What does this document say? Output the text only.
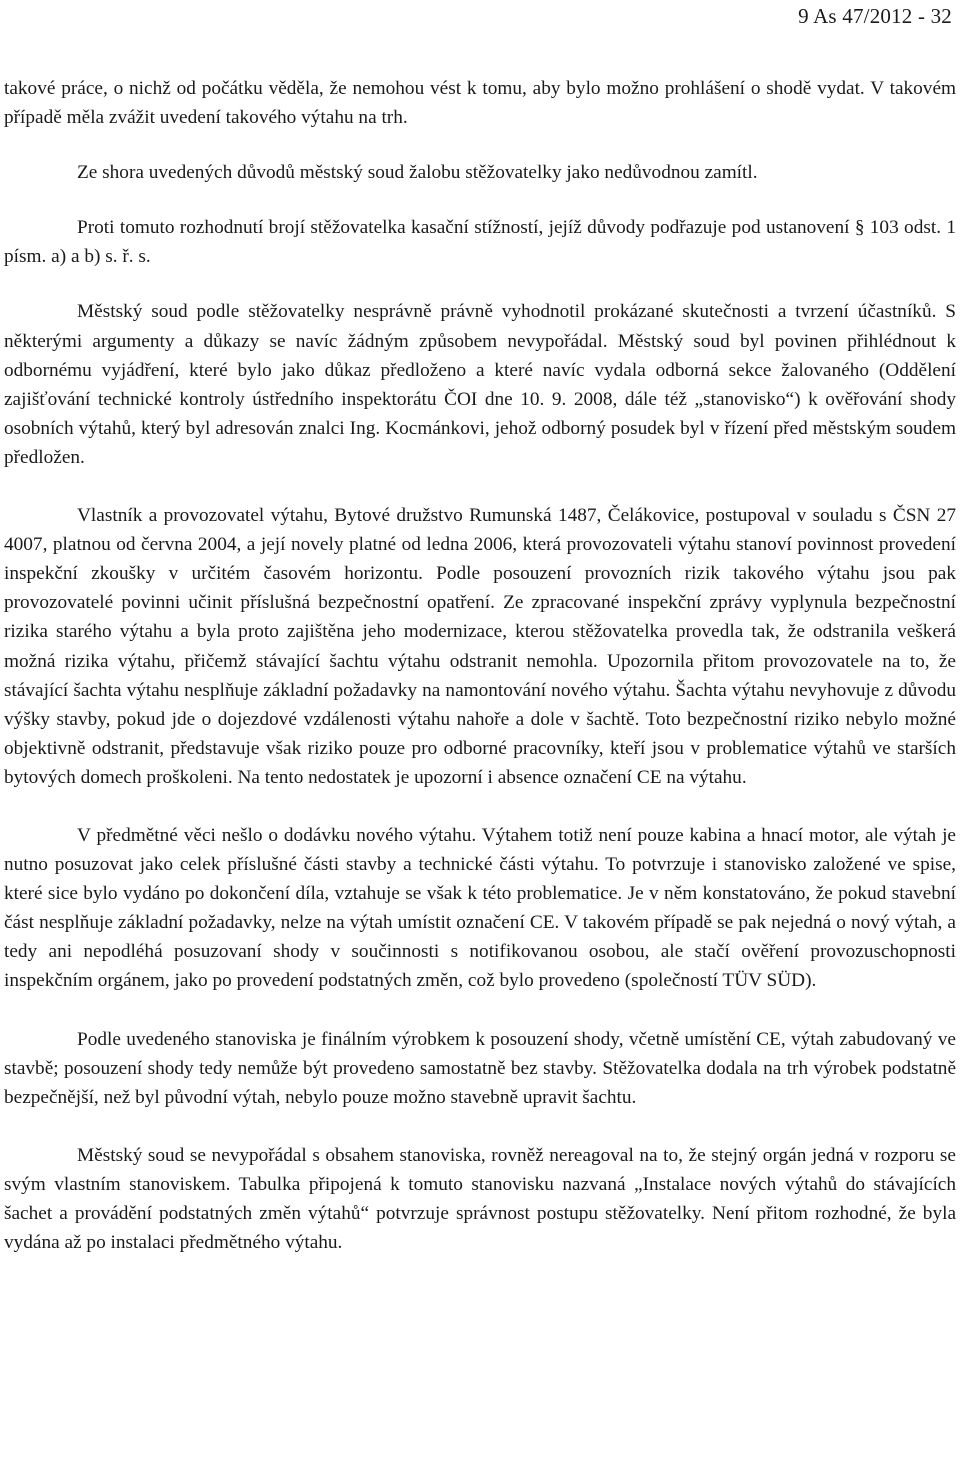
9 As 47/2012 - 32

takové práce, o nichž od počátku věděla, že nemohou vést k tomu, aby bylo možno prohlášení o shodě vydat. V takovém případě měla zvážit uvedení takového výtahu na trh.

Ze shora uvedených důvodů městský soud žalobu stěžovatelky jako nedůvodnou zamítl.

Proti tomuto rozhodnutí brojí stěžovatelka kasační stížností, jejíž důvody podřazuje pod ustanovení § 103 odst. 1 písm. a) a b) s. ř. s.

Městský soud podle stěžovatelky nesprávně právně vyhodnotil prokázané skutečnosti a tvrzení účastníků. S některými argumenty a důkazy se navíc žádným způsobem nevypořádal. Městský soud byl povinen přihlédnout k odbornému vyjádření, které bylo jako důkaz předloženo a které navíc vydala odborná sekce žalovaného (Oddělení zajišťování technické kontroly ústředního inspektorátu ČOI dne 10. 9. 2008, dále též „stanovisko“) k ověřování shody osobních výtahů, který byl adresován znalci Ing. Kocmánkovi, jehož odborný posudek byl v řízení před městským soudem předložen.

Vlastník a provozovatel výtahu, Bytové družstvo Rumunská 1487, Čelákovice, postupoval v souladu s ČSN 27 4007, platnou od června 2004, a její novely platné od ledna 2006, která provozovateli výtahu stanoví povinnost provedení inspekční zkoušky v určitém časovém horizontu. Podle posouzení provozních rizik takového výtahu jsou pak provozovatelé povinni učinit příslušná bezpečnostní opatření. Ze zpracované inspekční zprávy vyplynula bezpečnostní rizika starého výtahu a byla proto zajištěna jeho modernizace, kterou stěžovatelka provedla tak, že odstranila veškerá možná rizika výtahu, přičemž stávající šachtu výtahu odstranit nemohla. Upozornila přitom provozovatele na to, že stávající šachta výtahu nesplňuje základní požadavky na namontování nového výtahu. Šachta výtahu nevyhovuje z důvodu výšky stavby, pokud jde o dojezdové vzdálenosti výtahu nahoře a dole v šachtě. Toto bezpečnostní riziko nebylo možné objektivně odstranit, představuje však riziko pouze pro odborné pracovníky, kteří jsou v problematice výtahů ve starších bytových domech proškoleni. Na tento nedostatek je upozorní i absence označení CE na výtahu.

V předmětné věci nešlo o dodávku nového výtahu. Výtahem totiž není pouze kabina a hnací motor, ale výtah je nutno posuzovat jako celek příslušné části stavby a technické části výtahu. To potvrzuje i stanovisko založené ve spise, které sice bylo vydáno po dokončení díla, vztahuje se však k této problematice. Je v něm konstatováno, že pokud stavební část nesplňuje základní požadavky, nelze na výtah umístit označení CE. V takovém případě se pak nejedná o nový výtah, a tedy ani nepodléhá posuzovaní shody v součinnosti s notifikovanou osobou, ale stačí ověření provozuschopnosti inspekčním orgánem, jako po provedení podstatných změn, což bylo provedeno (společností TÜV SÜD).

Podle uvedeného stanoviska je finálním výrobkem k posouzení shody, včetně umístění CE, výtah zabudovaný ve stavbě; posouzení shody tedy nemůže být provedeno samostatně bez stavby. Stěžovatelka dodala na trh výrobek podstatně bezpečnější, než byl původní výtah, nebylo pouze možno stavebně upravit šachtu.

Městský soud se nevypořádal s obsahem stanoviska, rovněž nereagoval na to, že stejný orgán jedná v rozporu se svým vlastním stanoviskem. Tabulka připojená k tomuto stanovisku nazvaná „Instalace nových výtahů do stávajících šachet a provádění podstatných změn výtahů“ potvrzuje správnost postupu stěžovatelky. Není přitom rozhodné, že byla vydána až po instalaci předmětného výtahu.
